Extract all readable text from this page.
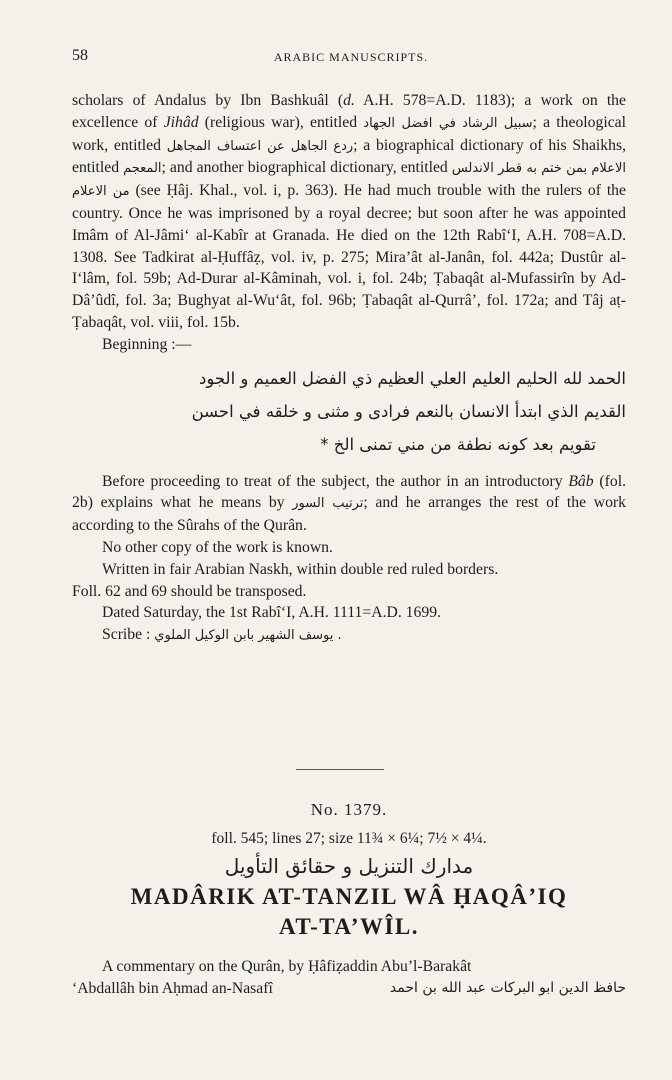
58	ARABIC MANUSCRIPTS.

scholars of Andalus by Ibn Bashkuâl (d. A.H. 578=A.D. 1183); a work on the excellence of Jihâd (religious war), entitled	سبيل الرشاد في افضل الجهاد	; a theological work, entitled ردع الجاهل عن اعتساف المجاهل; a biographical dictionary of his Shaikhs, entitled المعجم; and another biographical dictionary, entitled الاعلام بمن ختم به قطر الاندلس من الاعلام (see Ḥâj. Khal., vol. i, p. 363). He had much trouble with the rulers of the country. Once he was imprisoned by a royal decree; but soon after he was appointed Imâm of Al-Jâmi‘ al-Kabîr at Granada. He died on the 12th Rabî‘I, A.H. 708=A.D. 1308. See Tadkirat al-Ḥuffâẓ, vol. iv, p. 275; Mira’ât al-Janân, fol. 442a; Dustûr al-I‘lâm, fol. 59b; Ad-Durar al-Kâminah, vol. i, fol. 24b; Ṭabaqât al-Mufassirîn by Ad-Dâ’ûdî, fol. 3a; Bughyat al-Wu‘ât, fol. 96b; Ṭabaqât al-Qurrâ’, fol. 172a; and Tâj aṭ-Ṭabaqât, vol. viii, fol. 15b.

Beginning :—

الحمد لله الحليم العليم العلي العظيم ذي الفضل العميم و الجود

القديم الذي ابتدأ الانسان بالنعم فرادى و مثنى و خلقه في احسن

تقويم بعد كونه نطفة من مني تمنى الخ ‌*

Before proceeding to treat of the subject, the author in an introductory Bâb (fol. 2b) explains what he means by ترتيب السور; and he arranges the rest of the work according to the Sûrahs of the Qurân.

No other copy of the work is known.

Written in fair Arabian Naskh, within double red ruled borders.

Foll. 62 and 69 should be transposed.

Dated Saturday, the 1st Rabî‘I, A.H. 1111=A.D. 1699.

Scribe : يوسف الشهير بابن الوكيل الملوي .

No. 1379.
foll. 545; lines 27; size 11¾ × 6¼; 7½ × 4¼.
مدارك التنزيل و حقائق التأويل
MADÂRIK AT-TANZIL WÂ ḤAQÂ’IQ
AT-TA’WÎL.

A commentary on the Qurân, by Ḥâfiẓaddin Abu’l-Barakât

‘Abdallâh bin Aḥmad an-Nasafî	حافظ الدين ابو البركات عبد الله بن احمد
